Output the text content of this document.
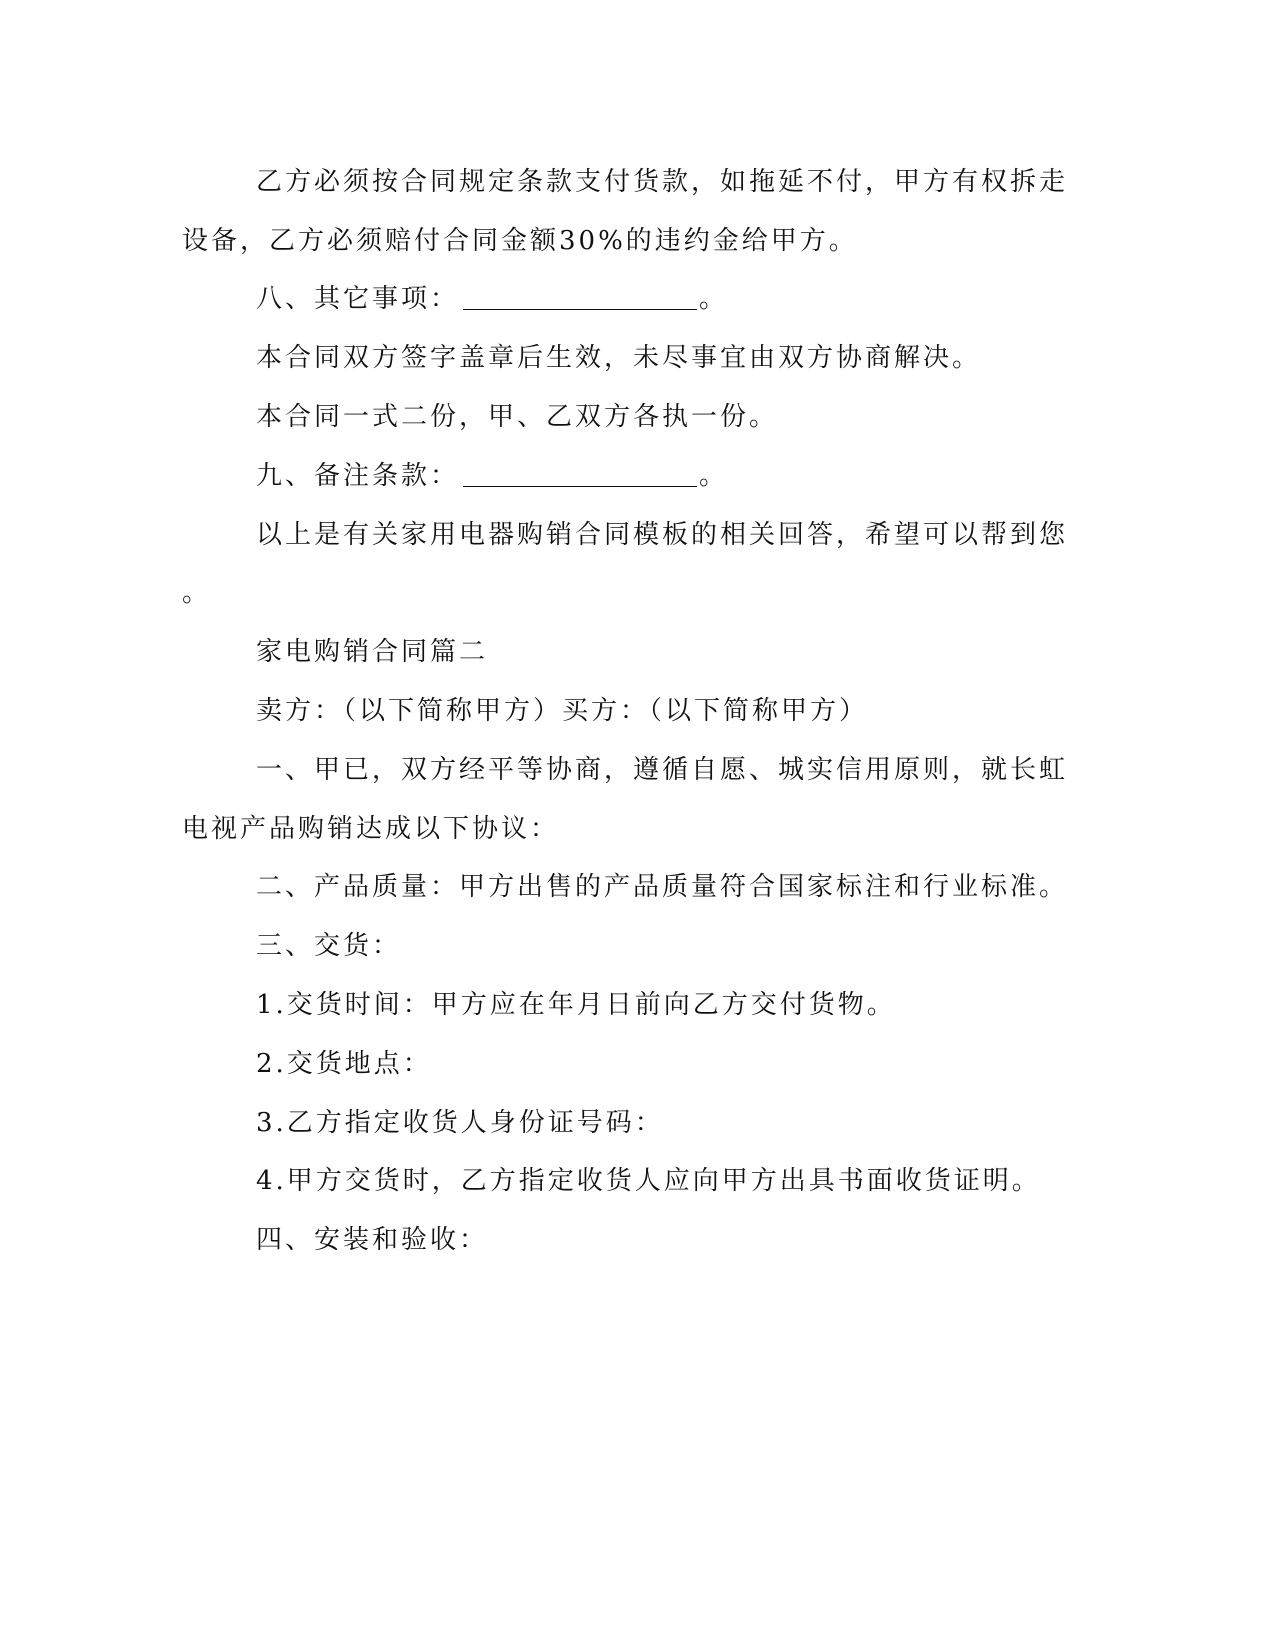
乙方必须按合同规定条款支付货款，如拖延不付，甲方有权拆走

设备，乙方必须赔付合同金额30%的违约金给甲方。

八、其它事项：	。

本合同双方签字盖章后生效，未尽事宜由双方协商解决。

本合同一式二份，甲、乙双方各执一份。

九、备注条款：	。

以上是有关家用电器购销合同模板的相关回答，希望可以帮到您

。

家电购销合同篇二

卖方：（以下简称甲方）买方：（以下简称甲方）

一、甲已，双方经平等协商，遵循自愿、城实信用原则，就长虹

电视产品购销达成以下协议：

二、产品质量：甲方出售的产品质量符合国家标注和行业标准。

三、交货：

1.交货时间：甲方应在年月日前向乙方交付货物。

2.交货地点：

3.乙方指定收货人身份证号码：

4.甲方交货时，乙方指定收货人应向甲方出具书面收货证明。

四、安装和验收：
